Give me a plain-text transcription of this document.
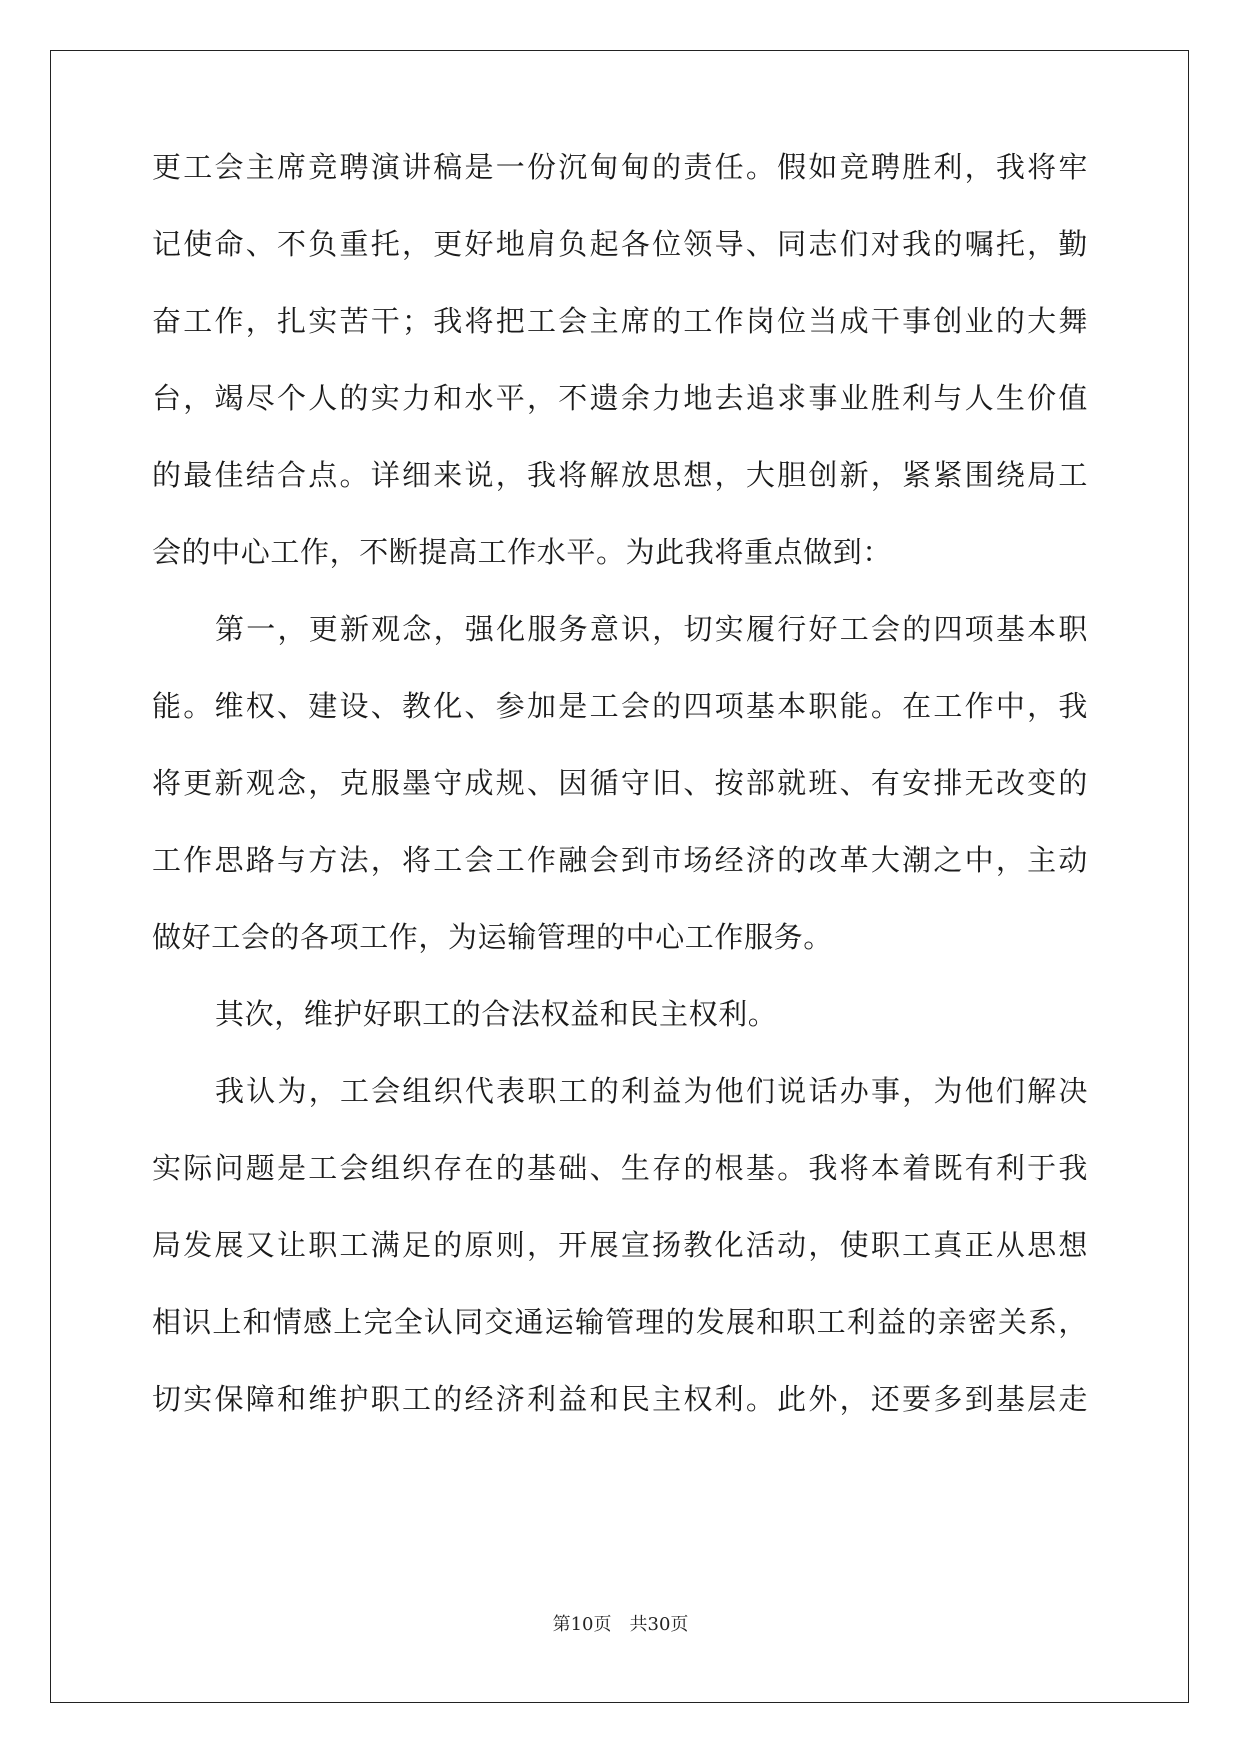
更工会主席竞聘演讲稿是一份沉甸甸的责任。假如竞聘胜利，我将牢
记使命、不负重托，更好地肩负起各位领导、同志们对我的嘱托，勤
奋工作，扎实苦干；我将把工会主席的工作岗位当成干事创业的大舞
台，竭尽个人的实力和水平，不遗余力地去追求事业胜利与人生价值
的最佳结合点。详细来说，我将解放思想，大胆创新，紧紧围绕局工
会的中心工作，不断提高工作水平。为此我将重点做到：
第一，更新观念，强化服务意识，切实履行好工会的四项基本职
能。维权、建设、教化、参加是工会的四项基本职能。在工作中，我
将更新观念，克服墨守成规、因循守旧、按部就班、有安排无改变的
工作思路与方法，将工会工作融会到市场经济的改革大潮之中，主动
做好工会的各项工作，为运输管理的中心工作服务。
其次，维护好职工的合法权益和民主权利。
我认为，工会组织代表职工的利益为他们说话办事，为他们解决
实际问题是工会组织存在的基础、生存的根基。我将本着既有利于我
局发展又让职工满足的原则，开展宣扬教化活动，使职工真正从思想
相识上和情感上完全认同交通运输管理的发展和职工利益的亲密关系，
切实保障和维护职工的经济利益和民主权利。此外，还要多到基层走
第10页 共30页
